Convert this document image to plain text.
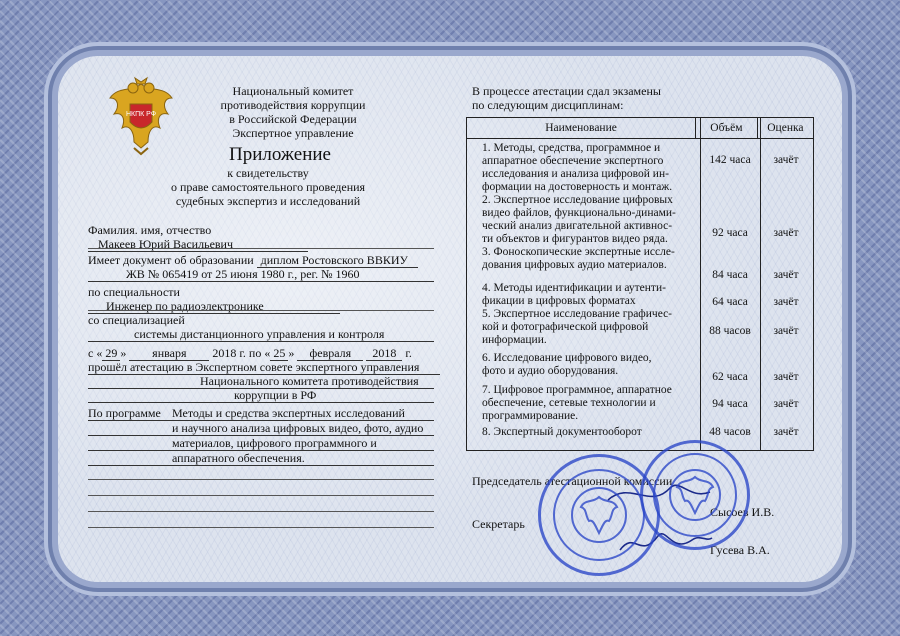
НКПК РФ
Национальный комитет
противодействия коррупции
в Российской Федерации
Экспертное управление
Приложение
к свидетельству
о праве самостоятельного проведения
судебных экспертиз и исследований
Фамилия. имя, отчество Макеев Юрий Васильевич
Имеет документ об образовании диплом Ростовского ВВКИУ
ЖВ № 065419 от 25 июня 1980 г., рег. № 1960
по специальности Инженер по радиоэлектронике
со специализацией
системы дистанционного управления и контроля
с « 29 » января 2018 г. по « 25 » февраля 2018 г.
прошёл атестацию в Экспертном совете экспертного управления
Национального комитета противодействия
коррупции в РФ
По программе Методы и средства экспертных исследований
и научного анализа цифровых видео, фото, аудио
материалов, цифрового программного и
аппаратного обеспечения.
В процессе атестации сдал экзамены
по следующим дисциплинам:
Наименование	Объём	Оценка
1. Методы, средства, программное и
аппаратное обеспечение экспертного
исследования и анализа цифровой ин-
формации на достоверность и монтаж.
142 часа	зачёт
2. Экспертное исследование цифровых
видео файлов, функционально-динами-
ческий анализ двигательной активнос-
ти объектов и фигурантов видео ряда.	92 часа	зачёт
3. Фоноскопические экспертные иссле-
дования цифровых аудио материалов.
84 часа	зачёт
4. Методы идентификации и аутенти-
фикации в цифровых форматах	64 часа	зачёт
5. Экспертное исследование графичес-
кой и фотографической цифровой
информации.
88 часов	зачёт
6. Исследование цифрового видео,
фото и аудио оборудования.	62 часа	зачёт
7. Цифровое программное, аппаратное
обеспечение, сетевые технологии и
программирование.
94 часа	зачёт
8. Экспертный документооборот	48 часов	зачёт
Председатель атестационной комиссии
Сысоев И.В.
Секретарь
Гусева В.А.
